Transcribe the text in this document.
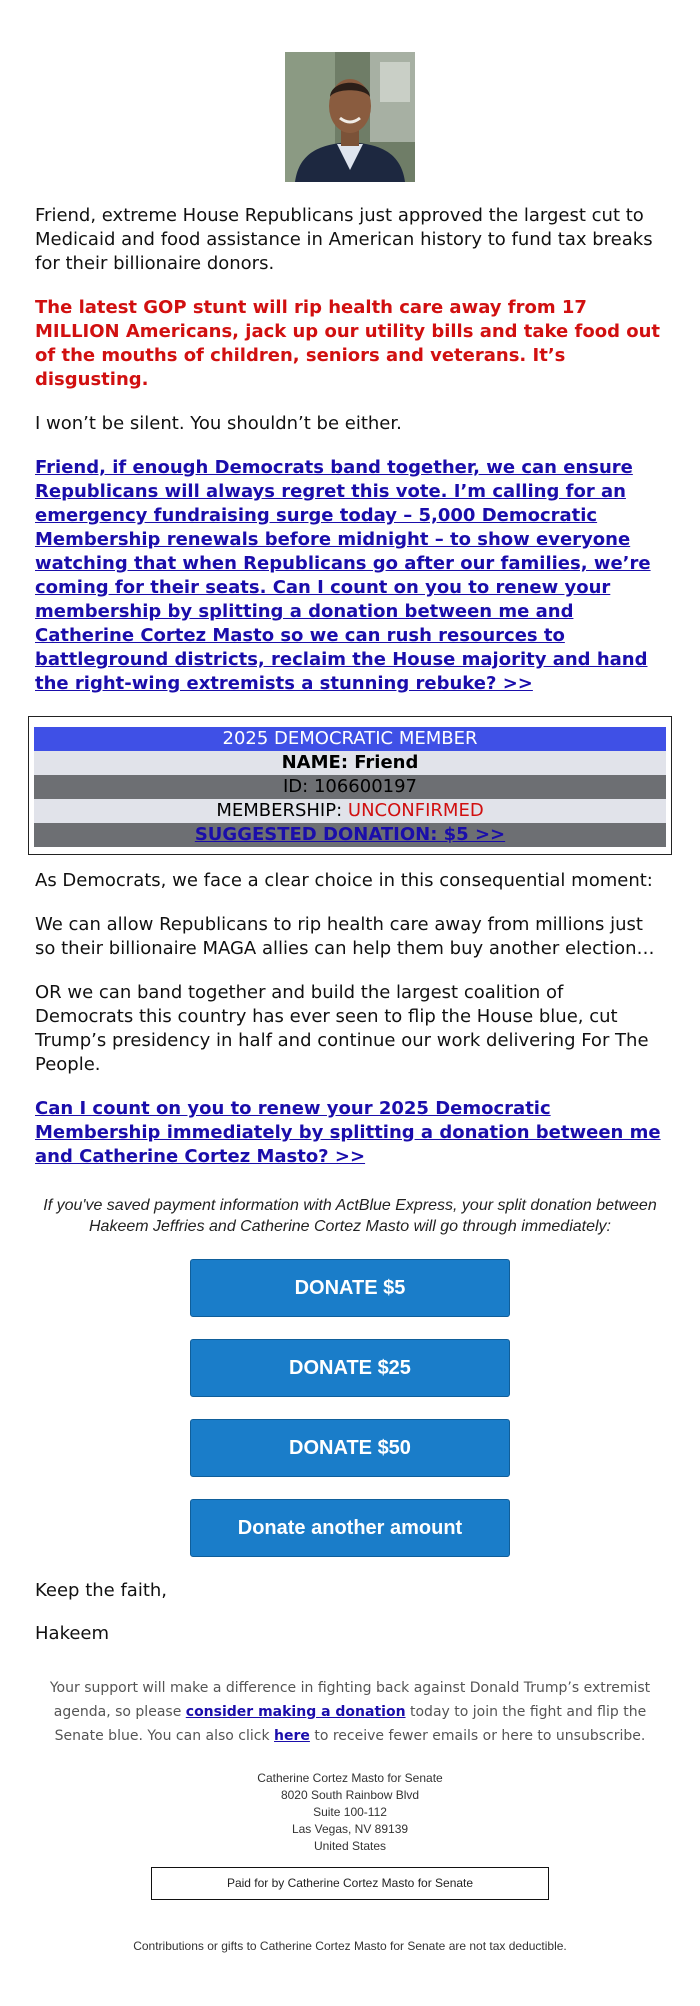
Friend, extreme House Republicans just approved the largest cut to Medicaid and food assistance in American history to fund tax breaks for their billionaire donors.

The latest GOP stunt will rip health care away from 17 MILLION Americans, jack up our utility bills and take food out of the mouths of children, seniors and veterans. It’s disgusting.

I won’t be silent. You shouldn’t be either.

Friend, if enough Democrats band together, we can ensure Republicans will always regret this vote. I’m calling for an emergency fundraising surge today – 5,000 Democratic Membership renewals before midnight – to show everyone watching that when Republicans go after our families, we’re coming for their seats. Can I count on you to renew your membership by splitting a donation between me and Catherine Cortez Masto so we can rush resources to battleground districts, reclaim the House majority and hand the right-wing extremists a stunning rebuke? >>

2025 DEMOCRATIC MEMBER
NAME: Friend
ID: 106600197
MEMBERSHIP: UNCONFIRMED
SUGGESTED DONATION: $5 >>

As Democrats, we face a clear choice in this consequential moment:

We can allow Republicans to rip health care away from millions just so their billionaire MAGA allies can help them buy another election…

OR we can band together and build the largest coalition of Democrats this country has ever seen to flip the House blue, cut Trump’s presidency in half and continue our work delivering For The People.

Can I count on you to renew your 2025 Democratic Membership immediately by splitting a donation between me and Catherine Cortez Masto? >>

If you've saved payment information with ActBlue Express, your split donation between Hakeem Jeffries and Catherine Cortez Masto will go through immediately:

DONATE $5
DONATE $25
DONATE $50
Donate another amount

Keep the faith,

Hakeem

Your support will make a difference in fighting back against Donald Trump’s extremist agenda, so please consider making a donation today to join the fight and flip the Senate blue. You can also click here to receive fewer emails or here to unsubscribe.
Catherine Cortez Masto for Senate
8020 South Rainbow Blvd
Suite 100-112
Las Vegas, NV 89139
United States
Paid for by Catherine Cortez Masto for Senate
Contributions or gifts to Catherine Cortez Masto for Senate are not tax deductible.
